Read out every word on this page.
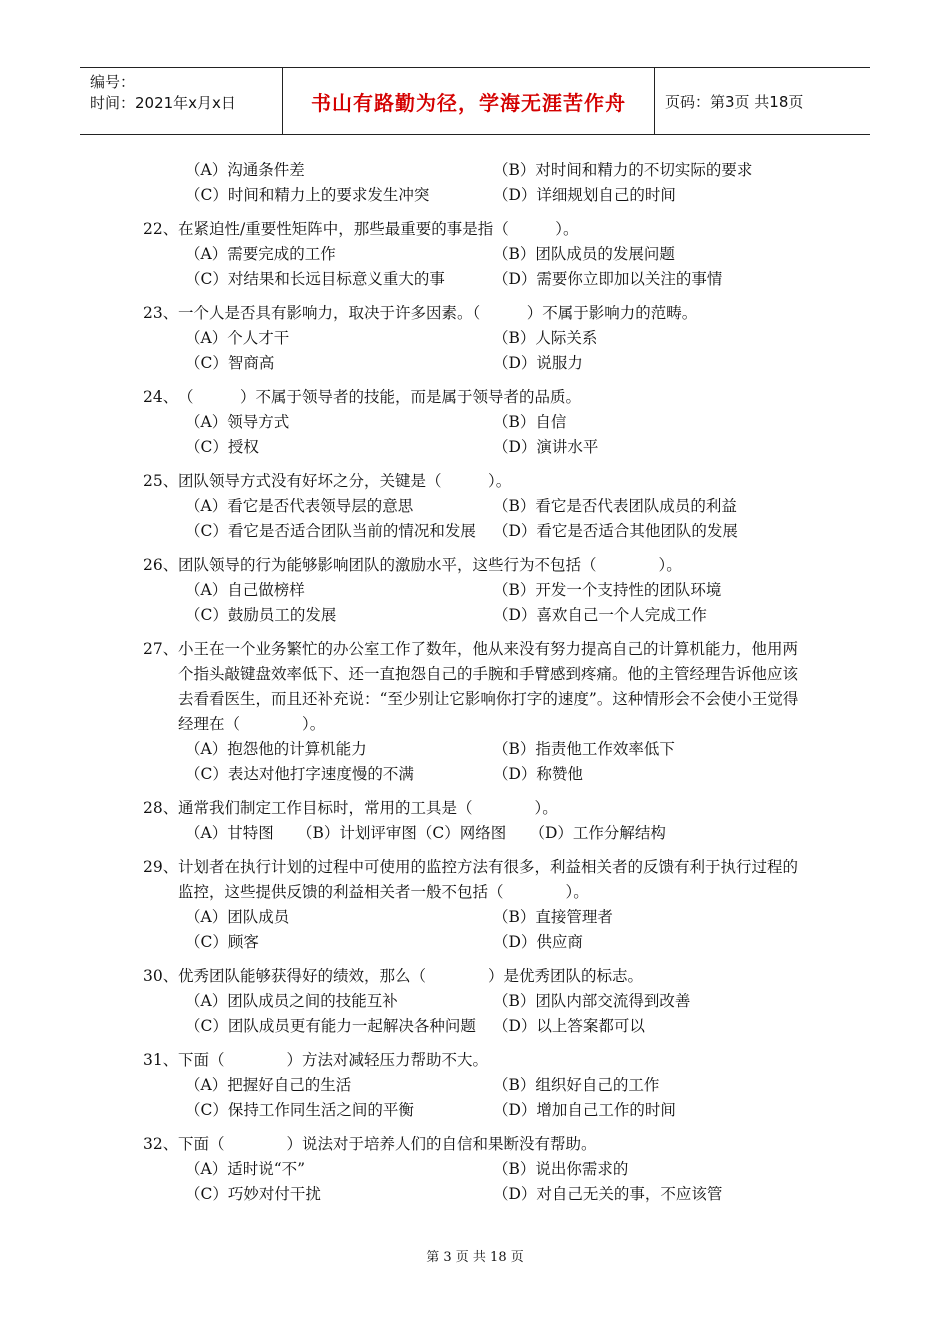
编号：
时间：2021年x月x日	书山有路勤为径，学海无涯苦作舟	页码：第3页 共18页
（A）沟通条件差	（B）对时间和精力的不切实际的要求
（C）时间和精力上的要求发生冲突	（D）详细规划自己的时间
22、 在紧迫性/重要性矩阵中，那些最重要的事是指（　　　）。
（A）需要完成的工作	（B）团队成员的发展问题
（C）对结果和长远目标意义重大的事	（D）需要你立即加以关注的事情
23、 一个人是否具有影响力，取决于许多因素。（　　　）不属于影响力的范畴。
（A）个人才干	（B）人际关系
（C）智商高	（D）说服力
24、 （　　　）不属于领导者的技能，而是属于领导者的品质。
（A）领导方式	（B）自信
（C）授权	（D）演讲水平
25、 团队领导方式没有好坏之分，关键是（　　　）。
（A）看它是否代表领导层的意思	（B）看它是否代表团队成员的利益
（C）看它是否适合团队当前的情况和发展	（D）看它是否适合其他团队的发展
26、 团队领导的行为能够影响团队的激励水平，这些行为不包括（　　　　）。
（A）自己做榜样	（B）开发一个支持性的团队环境
（C）鼓励员工的发展	（D）喜欢自己一个人完成工作
27、 小王在一个业务繁忙的办公室工作了数年，他从来没有努力提高自己的计算机能力，他用两个指头敲键盘效率低下、还一直抱怨自己的手腕和手臂感到疼痛。他的主管经理告诉他应该去看看医生，而且还补充说：“至少别让它影响你打字的速度”。这种情形会不会使小王觉得经理在（　　　　）。
（A）抱怨他的计算机能力	（B）指责他工作效率低下
（C）表达对他打字速度慢的不满	（D）称赞他
28、 通常我们制定工作目标时，常用的工具是（　　　　）。
（A）甘特图　　（B）计划评审图（C）网络图　　（D）工作分解结构
29、 计划者在执行计划的过程中可使用的监控方法有很多，利益相关者的反馈有利于执行过程的监控，这些提供反馈的利益相关者一般不包括（　　　　）。
（A）团队成员	（B）直接管理者
（C）顾客	（D）供应商
30、 优秀团队能够获得好的绩效，那么（　　　　）是优秀团队的标志。
（A）团队成员之间的技能互补	（B）团队内部交流得到改善
（C）团队成员更有能力一起解决各种问题	（D）以上答案都可以
31、 下面（　　　　）方法对减轻压力帮助不大。
（A）把握好自己的生活	（B）组织好自己的工作
（C）保持工作同生活之间的平衡	（D）增加自己工作的时间
32、 下面（　　　　）说法对于培养人们的自信和果断没有帮助。
（A）适时说“不”	（B）说出你需求的
（C）巧妙对付干扰	（D）对自己无关的事，不应该管
第 3 页 共 18 页
